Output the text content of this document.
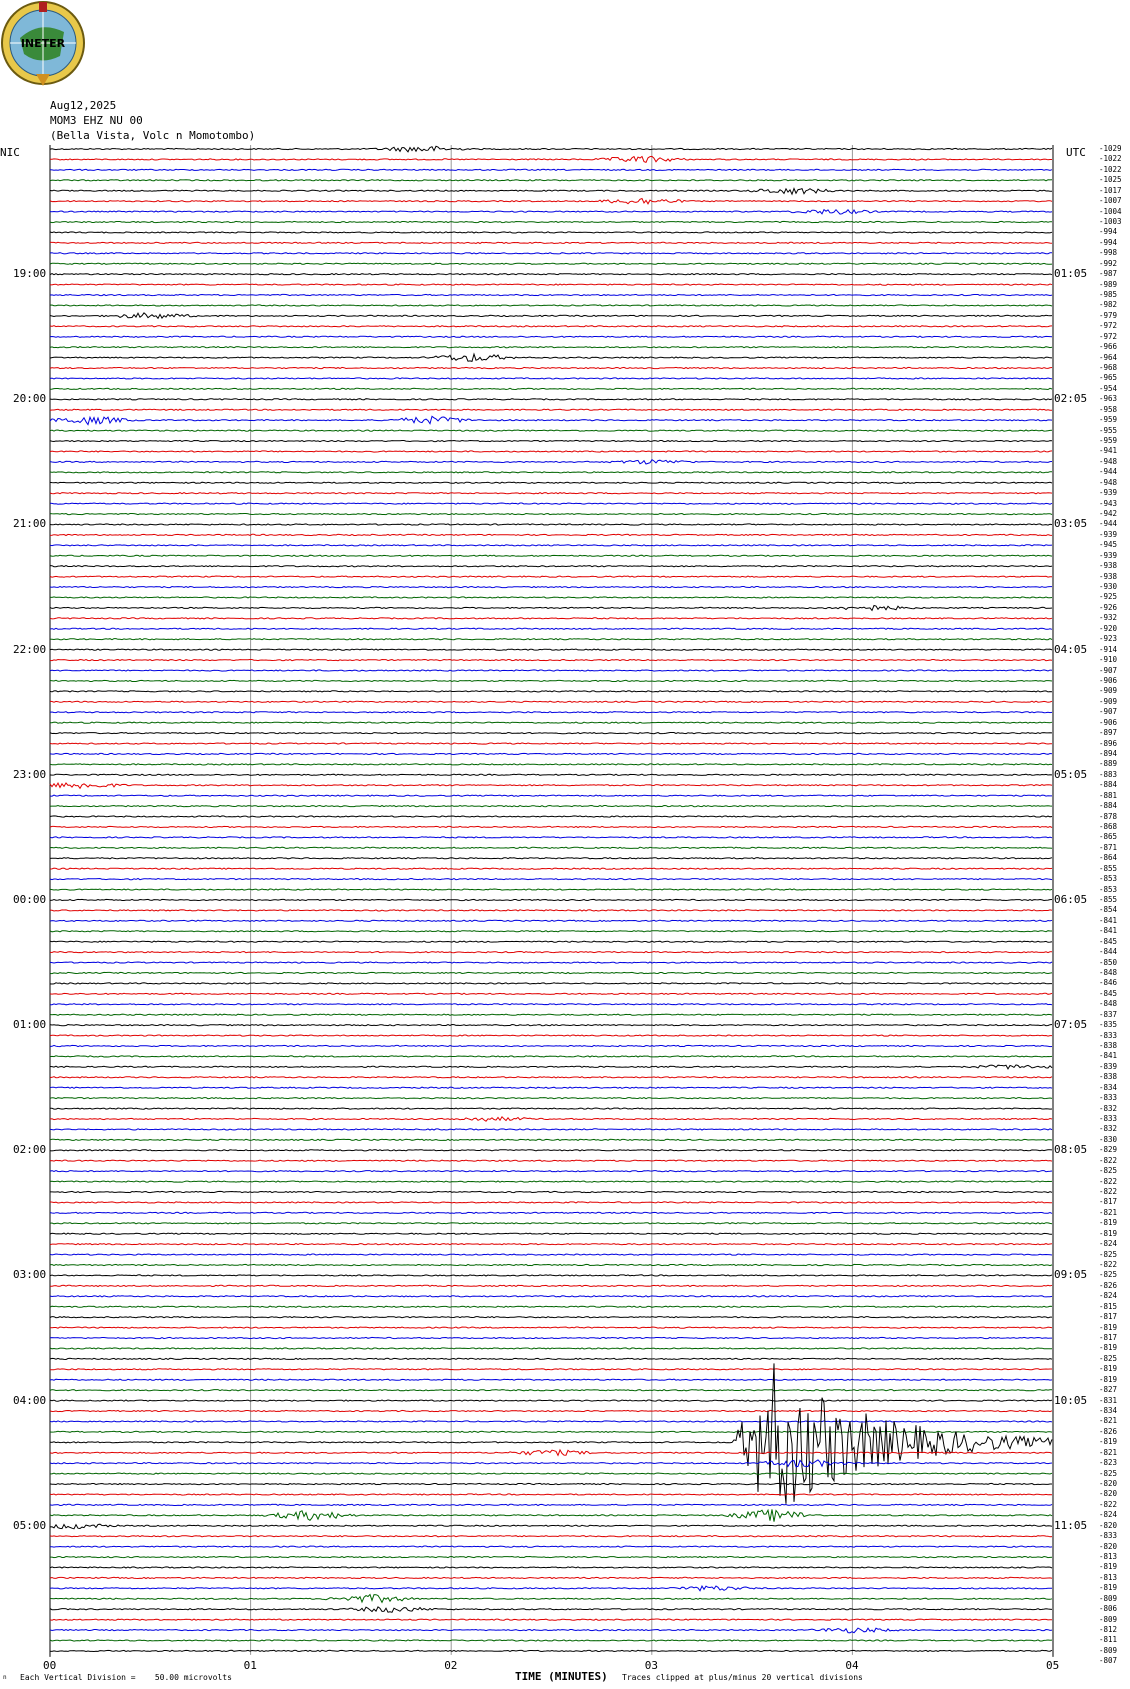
INETER
Aug12,2025
MOM3 EHZ NU 00
(Bella Vista, Volc n Momotombo)
NIC	UTC
19:00
20:00
21:00
22:00
23:00
00:00
01:00
02:00
03:00
04:00
05:00
01:05
02:05
03:05
04:05
05:05
06:05
07:05
08:05
09:05
10:05
11:05
-1029
-1022
-1022
-1025
-1017
-1007
-1004
-1003
-994
-994
-998
-992
-987
-989
-985
-982
-979
-972
-972
-966
-964
-968
-965
-954
-963
-958
-959
-955
-959
-941
-948
-944
-948
-939
-943
-942
-944
-939
-945
-939
-938
-938
-930
-925
-926
-932
-920
-923
-914
-910
-907
-906
-909
-909
-907
-906
-897
-896
-894
-889
-883
-884
-881
-884
-878
-868
-865
-871
-864
-855
-853
-853
-855
-854
-841
-841
-845
-844
-850
-848
-846
-845
-848
-837
-835
-833
-838
-841
-839
-838
-834
-833
-832
-833
-832
-830
-829
-822
-825
-822
-822
-817
-821
-819
-819
-824
-825
-822
-825
-826
-824
-815
-817
-819
-817
-819
-825
-819
-819
-827
-831
-834
-821
-826
-819
-821
-823
-825
-820
-820
-822
-824
-820
-833
-820
-813
-819
-813
-819
-809
-806
-809
-812
-811
-809
-807
00	01	02	03	04	05
n Each Vertical Division =    50.00 microvolts	TIME (MINUTES) Traces clipped at plus/minus 20 vertical divisions
